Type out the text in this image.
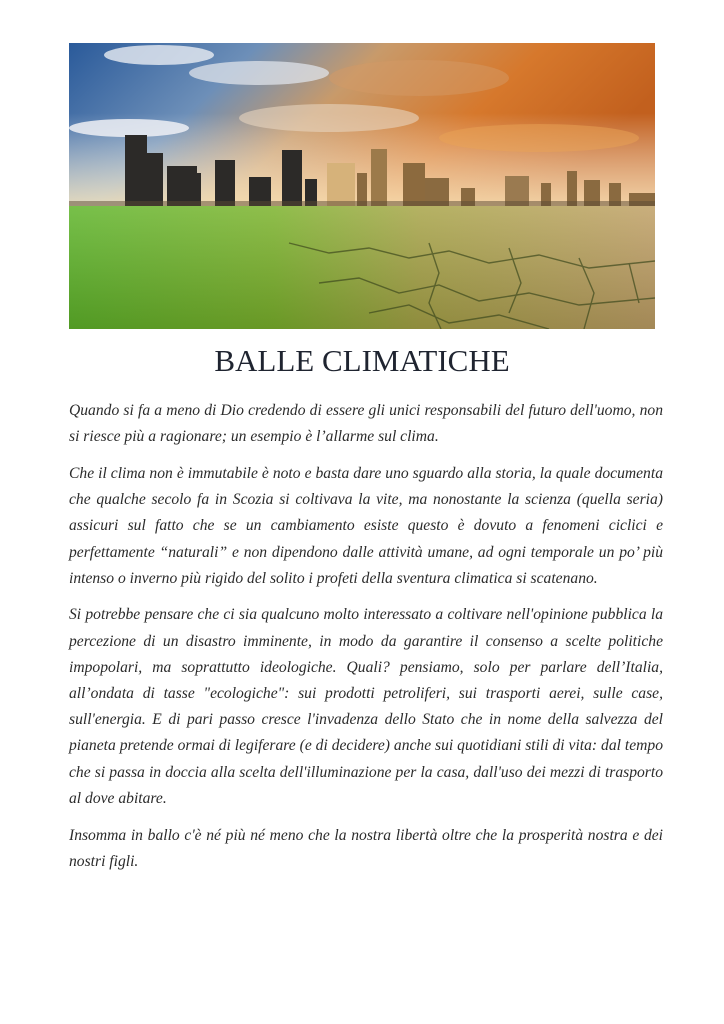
BALLE CLIMATICHE

Quando si fa a meno di Dio credendo di essere gli unici responsabili del futuro dell'uomo, non si riesce più a ragionare; un esempio è l’allarme sul clima.

Che il clima non è immutabile è noto e basta dare uno sguardo alla storia, la quale documenta che qualche secolo fa in Scozia si coltivava la vite, ma nonostante la scienza (quella seria) assicuri sul fatto che se un cambiamento esiste questo è dovuto a fenomeni ciclici e perfettamente “naturali” e non dipendono dalle attività umane, ad ogni temporale un po’ più intenso o inverno più rigido del solito i profeti della sventura climatica si scatenano.

Si potrebbe pensare che ci sia qualcuno molto interessato a coltivare nell'opinione pubblica la percezione di un disastro imminente, in modo da garantire il consenso a scelte politiche impopolari, ma soprattutto ideologiche. Quali? pensiamo, solo per parlare dell’Italia, all’ondata di tasse "ecologiche": sui prodotti petroliferi, sui trasporti aerei, sulle case, sull'energia. E di pari passo cresce l'invadenza dello Stato che in nome della salvezza del pianeta pretende ormai di legiferare (e di decidere) anche sui quotidiani stili di vita: dal tempo che si passa in doccia alla scelta dell'illuminazione per la casa, dall'uso dei mezzi di trasporto al dove abitare.

Insomma in ballo c'è né più né meno che la nostra libertà oltre che la prosperità nostra e dei nostri figli.
